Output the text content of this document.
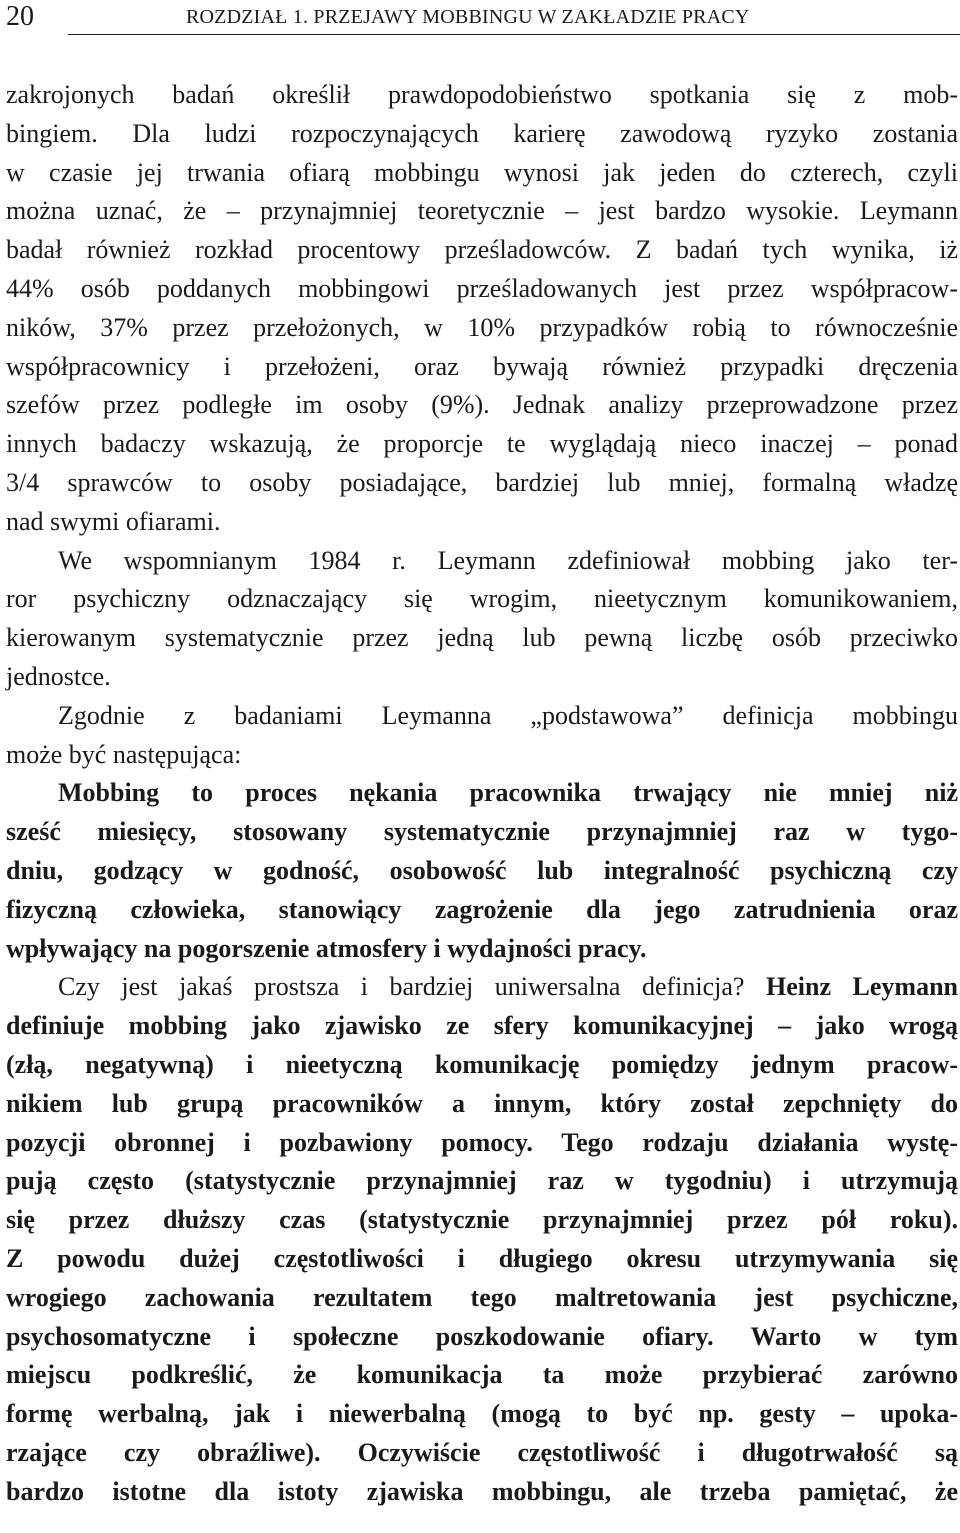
20	ROZDZIAŁ 1. PRZEJAWY MOBBINGU W ZAKŁADZIE PRACY
zakrojonych badań określił prawdopodobieństwo spotkania się z mob-
bingiem. Dla ludzi rozpoczynających karierę zawodową ryzyko zostania
w czasie jej trwania ofiarą mobbingu wynosi jak jeden do czterech, czyli
można uznać, że – przynajmniej teoretycznie – jest bardzo wysokie. Leymann
badał również rozkład procentowy prześladowców. Z badań tych wynika, iż
44% osób poddanych mobbingowi prześladowanych jest przez współpracow-
ników, 37% przez przełożonych, w 10% przypadków robią to równocześnie
współpracownicy i przełożeni, oraz bywają również przypadki dręczenia
szefów przez podległe im osoby (9%). Jednak analizy przeprowadzone przez
innych badaczy wskazują, że proporcje te wyglądają nieco inaczej – ponad
3/4 sprawców to osoby posiadające, bardziej lub mniej, formalną władzę
nad swymi ofiarami.
We wspomnianym 1984 r. Leymann zdefiniował mobbing jako ter-
ror psychiczny odznaczający się wrogim, nieetycznym komunikowaniem,
kierowanym systematycznie przez jedną lub pewną liczbę osób przeciwko
jednostce.
Zgodnie z badaniami Leymanna „podstawowa” definicja mobbingu
może być następująca:
Mobbing to proces nękania pracownika trwający nie mniej niż
sześć miesięcy, stosowany systematycznie przynajmniej raz w tygo-
dniu, godzący w godność, osobowość lub integralność psychiczną czy
fizyczną człowieka, stanowiący zagrożenie dla jego zatrudnienia oraz
wpływający na pogorszenie atmosfery i wydajności pracy.
Czy jest jakaś prostsza i bardziej uniwersalna definicja? Heinz Leymann
definiuje mobbing jako zjawisko ze sfery komunikacyjnej – jako wrogą
(złą, negatywną) i nieetyczną komunikację pomiędzy jednym pracow-
nikiem lub grupą pracowników a innym, który został zepchnięty do
pozycji obronnej i pozbawiony pomocy. Tego rodzaju działania wystę-
pują często (statystycznie przynajmniej raz w tygodniu) i utrzymują
się przez dłuższy czas (statystycznie przynajmniej przez pół roku).
Z powodu dużej częstotliwości i długiego okresu utrzymywania się
wrogiego zachowania rezultatem tego maltretowania jest psychiczne,
psychosomatyczne i społeczne poszkodowanie ofiary. Warto w tym
miejscu podkreślić, że komunikacja ta może przybierać zarówno
formę werbalną, jak i niewerbalną (mogą to być np. gesty – upoka-
rzające czy obraźliwe). Oczywiście częstotliwość i długotrwałość są
bardzo istotne dla istoty zjawiska mobbingu, ale trzeba pamiętać, że
